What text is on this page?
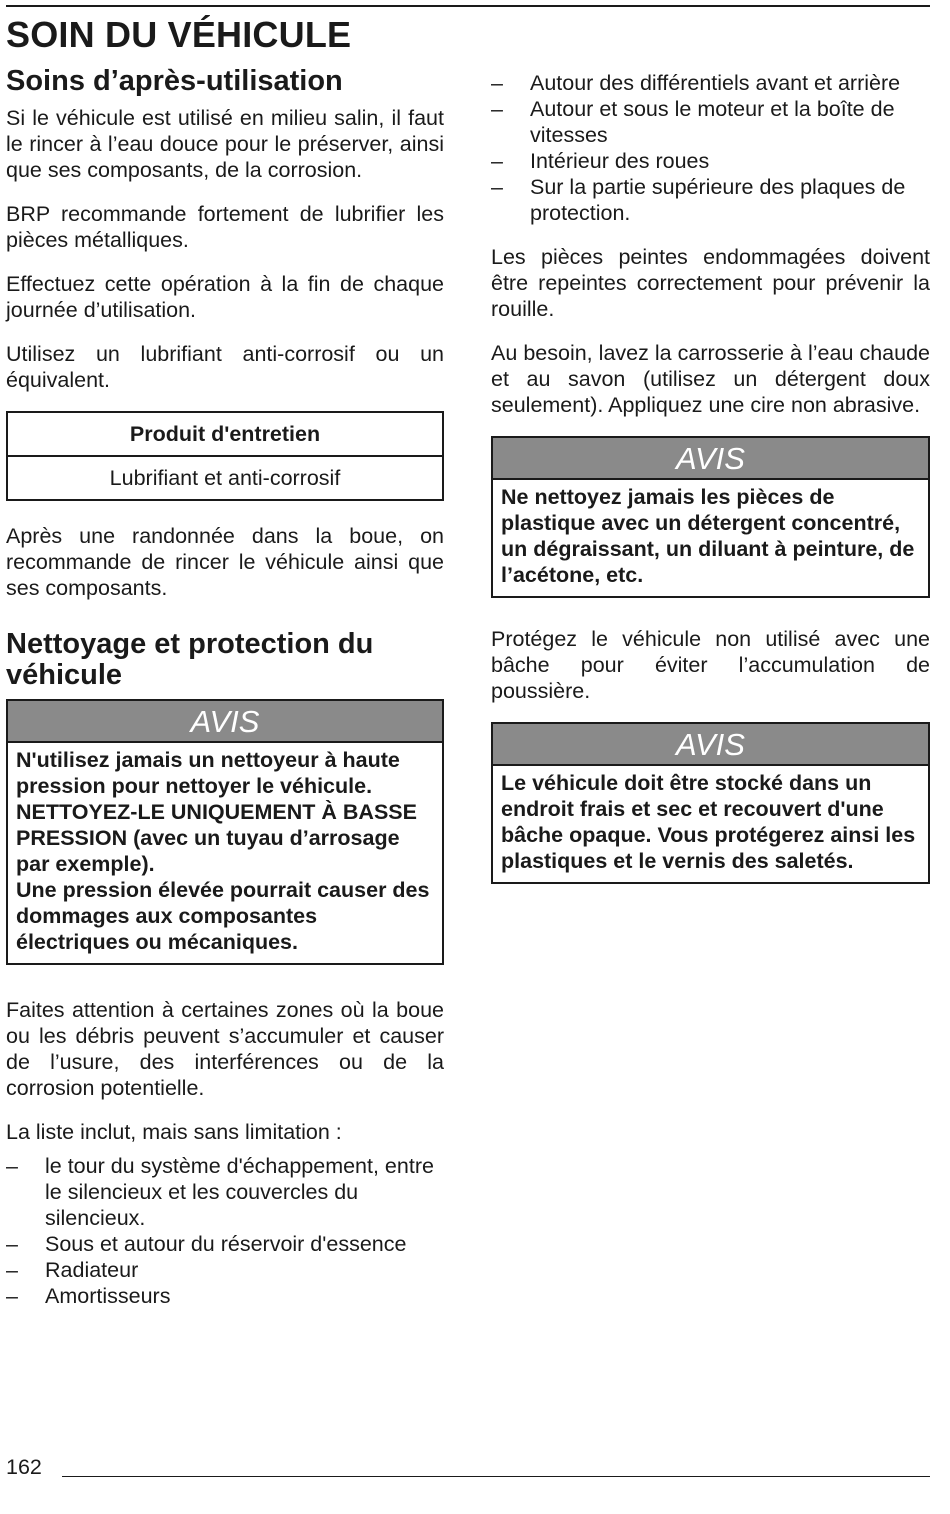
SOIN DU VÉHICULE
Soins d’après-utilisation

Si le véhicule est utilisé en milieu salin, il faut le rincer à l’eau douce pour le préserver, ainsi que ses composants, de la corrosion.

BRP recommande fortement de lubrifier les pièces métalliques.

Effectuez cette opération à la fin de chaque journée d’utilisation.

Utilisez un lubrifiant anti-corrosif ou un équivalent.

Produit d'entretien
Lubrifiant et anti-corrosif

Après une randonnée dans la boue, on recommande de rincer le véhicule ainsi que ses composants.

Nettoyage et protection du véhicule
AVIS
N'utilisez jamais un nettoyeur à haute pression pour nettoyer le véhicule. NETTOYEZ-LE UNIQUEMENT À BASSE PRESSION (avec un tuyau d’arrosage par exemple).
Une pression élevée pourrait causer des dommages aux composantes électriques ou mécaniques.

Faites attention à certaines zones où la boue ou les débris peuvent s’accumuler et causer de l’usure, des interférences ou de la corrosion potentielle.

La liste inclut, mais sans limitation :

– le tour du système d'échappement, entre le silencieux et les couvercles du silencieux.
– Sous et autour du réservoir d'essence
– Radiateur
– Amortisseurs
– Autour des différentiels avant et arrière
– Autour et sous le moteur et la boîte de vitesses
– Intérieur des roues
– Sur la partie supérieure des plaques de protection.

Les pièces peintes endommagées doivent être repeintes correctement pour prévenir la rouille.

Au besoin, lavez la carrosserie à l’eau chaude et au savon (utilisez un détergent doux seulement). Appliquez une cire non abrasive.

AVIS
Ne nettoyez jamais les pièces de plastique avec un détergent concentré, un dégraissant, un diluant à peinture, de l’acétone, etc.

Protégez le véhicule non utilisé avec une bâche pour éviter l’accumulation de poussière.

AVIS
Le véhicule doit être stocké dans un endroit frais et sec et recouvert d'une bâche opaque. Vous protégerez ainsi les plastiques et le vernis des saletés.
162
